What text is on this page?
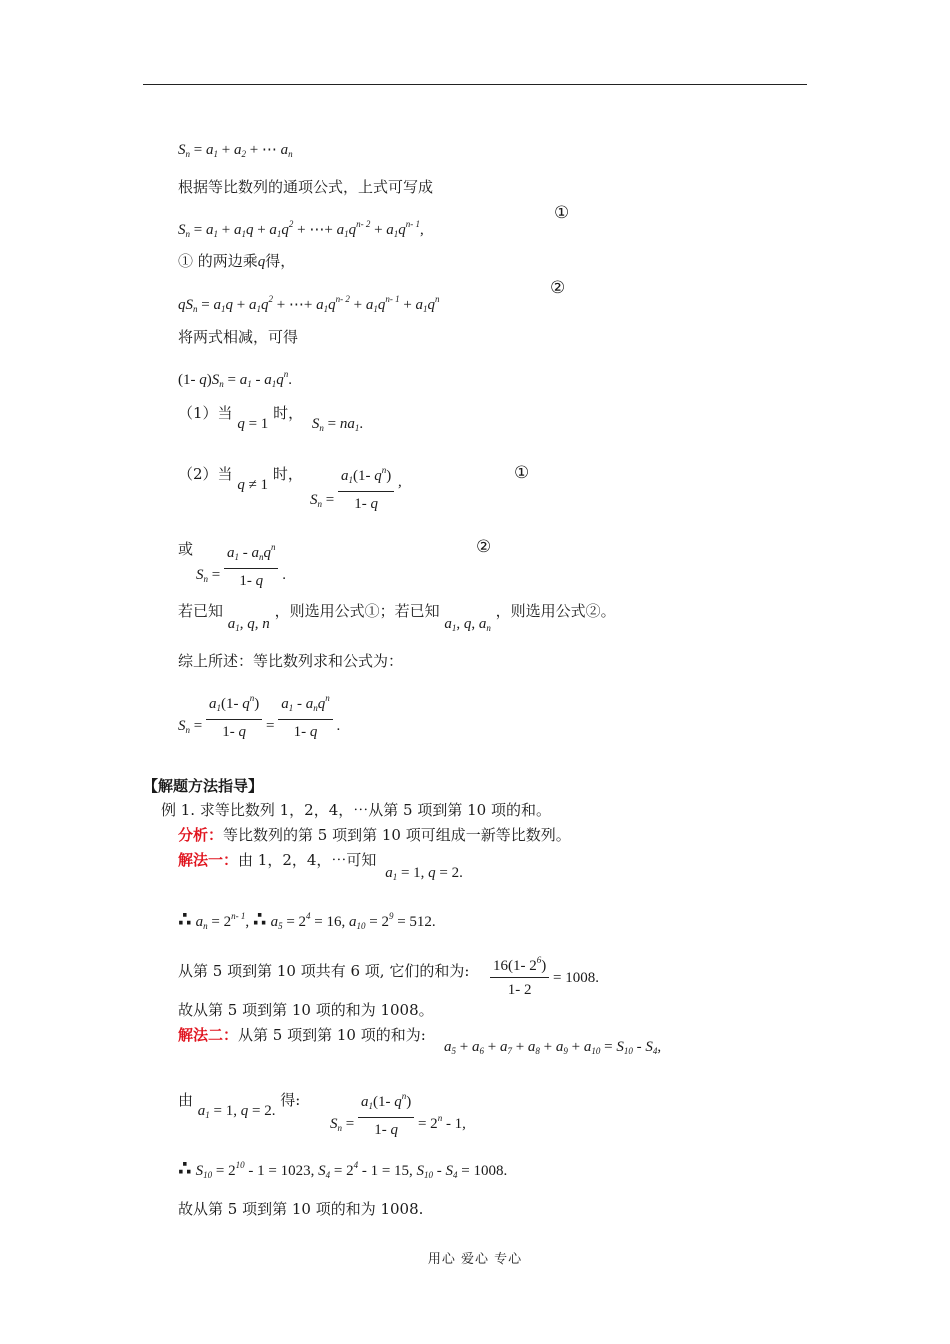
$S_n = a_1 + a_2$ + ⋯ $a_n$
根据等比数列的通项公式，上式可写成
$S_n = a_1 + a_1q + a_1q^2$ + ⋯+ $a_1q^{n- 2} + a_1q^{n- 1}$,
①
① 的两边乘q得，
$qS_n = a_1q + a_1q^2$ + ⋯+ $a_1q^{n- 2} + a_1q^{n- 1} + a_1q^n$
②
将两式相减，可得
(1- $q)S_n = a_1 - a_1q^n$.
（1）当 q = 1 时， $S_n = na_1$.
（2）当 q ≠ 1 时，
$S_n = \frac{a_1(1- q^n)}{1- q}$ ,	①
或
$S_n = \frac{a_1 - a_nq^n}{1- q}$ .
②
若已知 $a_1$, q, n ，则选用公式①；若已知 $a_1$, q, $a_n$ ，则选用公式②。
综上所述：等比数列求和公式为：
$S_n = \frac{a_1(1- q^n)}{1- q} = \frac{a_1 - a_nq^n}{1- q}$ .
【解题方法指导】
例 1. 求等比数列 1，2，4，⋯从第 5 项到第 10 项的和。
分析：等比数列的第 5 项到第 10 项可组成一新等比数列。
解法一：由 1，2，4，⋯可知 $a_1 = 1$, q = 2.
∴ $a_n = 2^{n- 1}$, ∴ $a_5 = 2^4 = 16$, $a_{10} = 2^9 = 512$.
从第 5 项到第 10 项共有 6 项, 它们的和为: $\frac{16(1- 2^6)}{1- 2} = 1008$.
故从第 5 项到第 10 项的和为 1008。
解法二：从第 5 项到第 10 项的和为:
$a_5 + a_6 + a_7 + a_8 + a_9 + a_{10} = S_{10} - S_4$,
由 $a_1 = 1$, q = 2. 得:
$S_n = \frac{a_1(1- q^n)}{1- q} = 2^n - 1$,
∴ $S_{10} = 2^{10} - 1 = 1023$, $S_4 = 2^4 - 1 = 15$, $S_{10} - S_4 = 1008$.
故从第 5 项到第 10 项的和为 1008.
用心 爱心 专心
